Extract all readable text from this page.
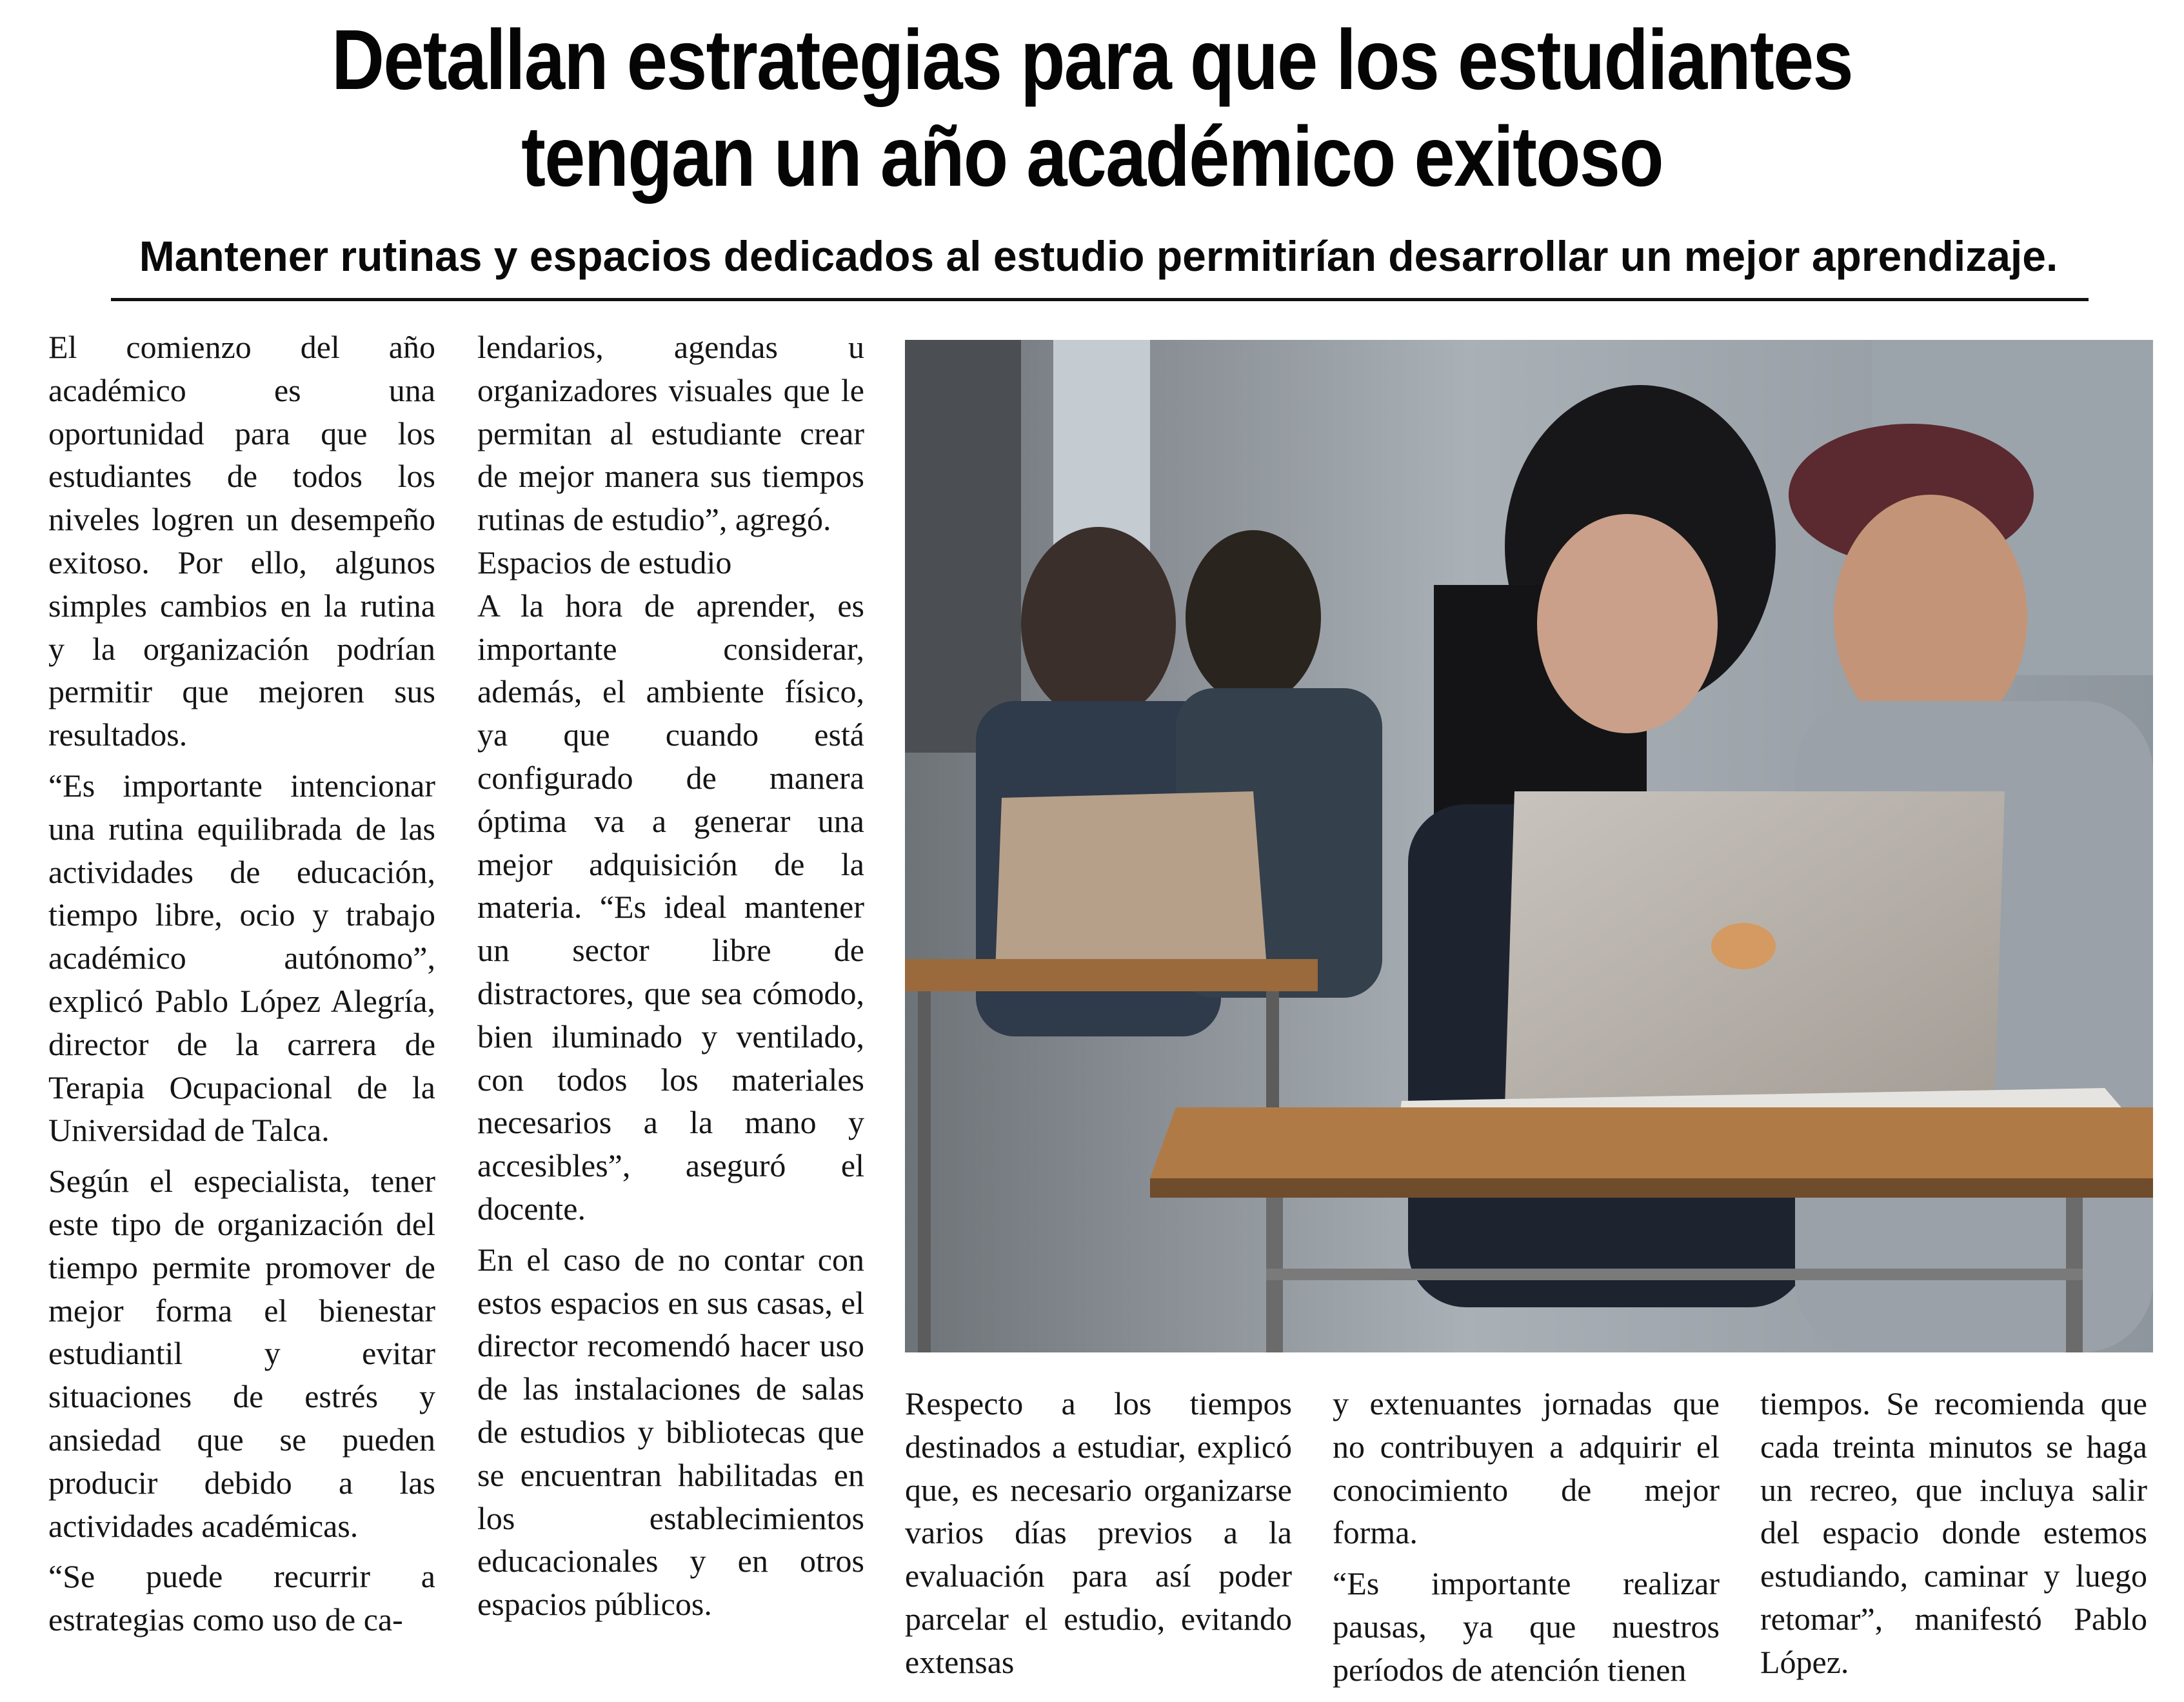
Detallan estrategias para que los estudiantes tengan un año académico exitoso
Mantener rutinas y espacios dedicados al estudio permitirían desarrollar un mejor aprendizaje.

El comienzo del año académico es una oportunidad para que los estudiantes de todos los niveles logren un desempeño exitoso. Por ello, algunos simples cambios en la rutina y la organización podrían permitir que mejoren sus resultados.

“Es importante intencionar una rutina equilibrada de las actividades de educación, tiempo libre, ocio y trabajo académico autónomo”, explicó Pablo López Alegría, director de la carrera de Terapia Ocupacional de la Universidad de Talca.

Según el especialista, tener este tipo de organización del tiempo permite promover de mejor forma el bienestar estudiantil y evitar situaciones de estrés y ansiedad que se pueden producir debido a las actividades académicas.

“Se puede recurrir a estrategias como uso de ca-

lendarios, agendas u organizadores visuales que le permitan al estudiante crear de mejor manera sus tiempos rutinas de estudio”, agregó.

Espacios de estudio

A la hora de aprender, es importante considerar, además, el ambiente físico, ya que cuando está configurado de manera óptima va a generar una mejor adquisición de la materia. “Es ideal mantener un sector libre de distractores, que sea cómodo, bien iluminado y ventilado, con todos los materiales necesarios a la mano y accesibles”, aseguró el docente.

En el caso de no contar con estos espacios en sus casas, el director recomendó hacer uso de las instalaciones de salas de estudios y bibliotecas que se encuentran habilitadas en los establecimientos educacionales y en otros espacios públicos.

Respecto a los tiempos destinados a estudiar, explicó que, es necesario organizarse varios días previos a la evaluación para así poder parcelar el estudio, evitando extensas

y extenuantes jornadas que no contribuyen a adquirir el conocimiento de mejor forma.

“Es importante realizar pausas, ya que nuestros períodos de atención tienen

tiempos. Se recomienda que cada treinta minutos se haga un recreo, que incluya salir del espacio donde estemos estudiando, caminar y luego retomar”, manifestó Pablo López.
